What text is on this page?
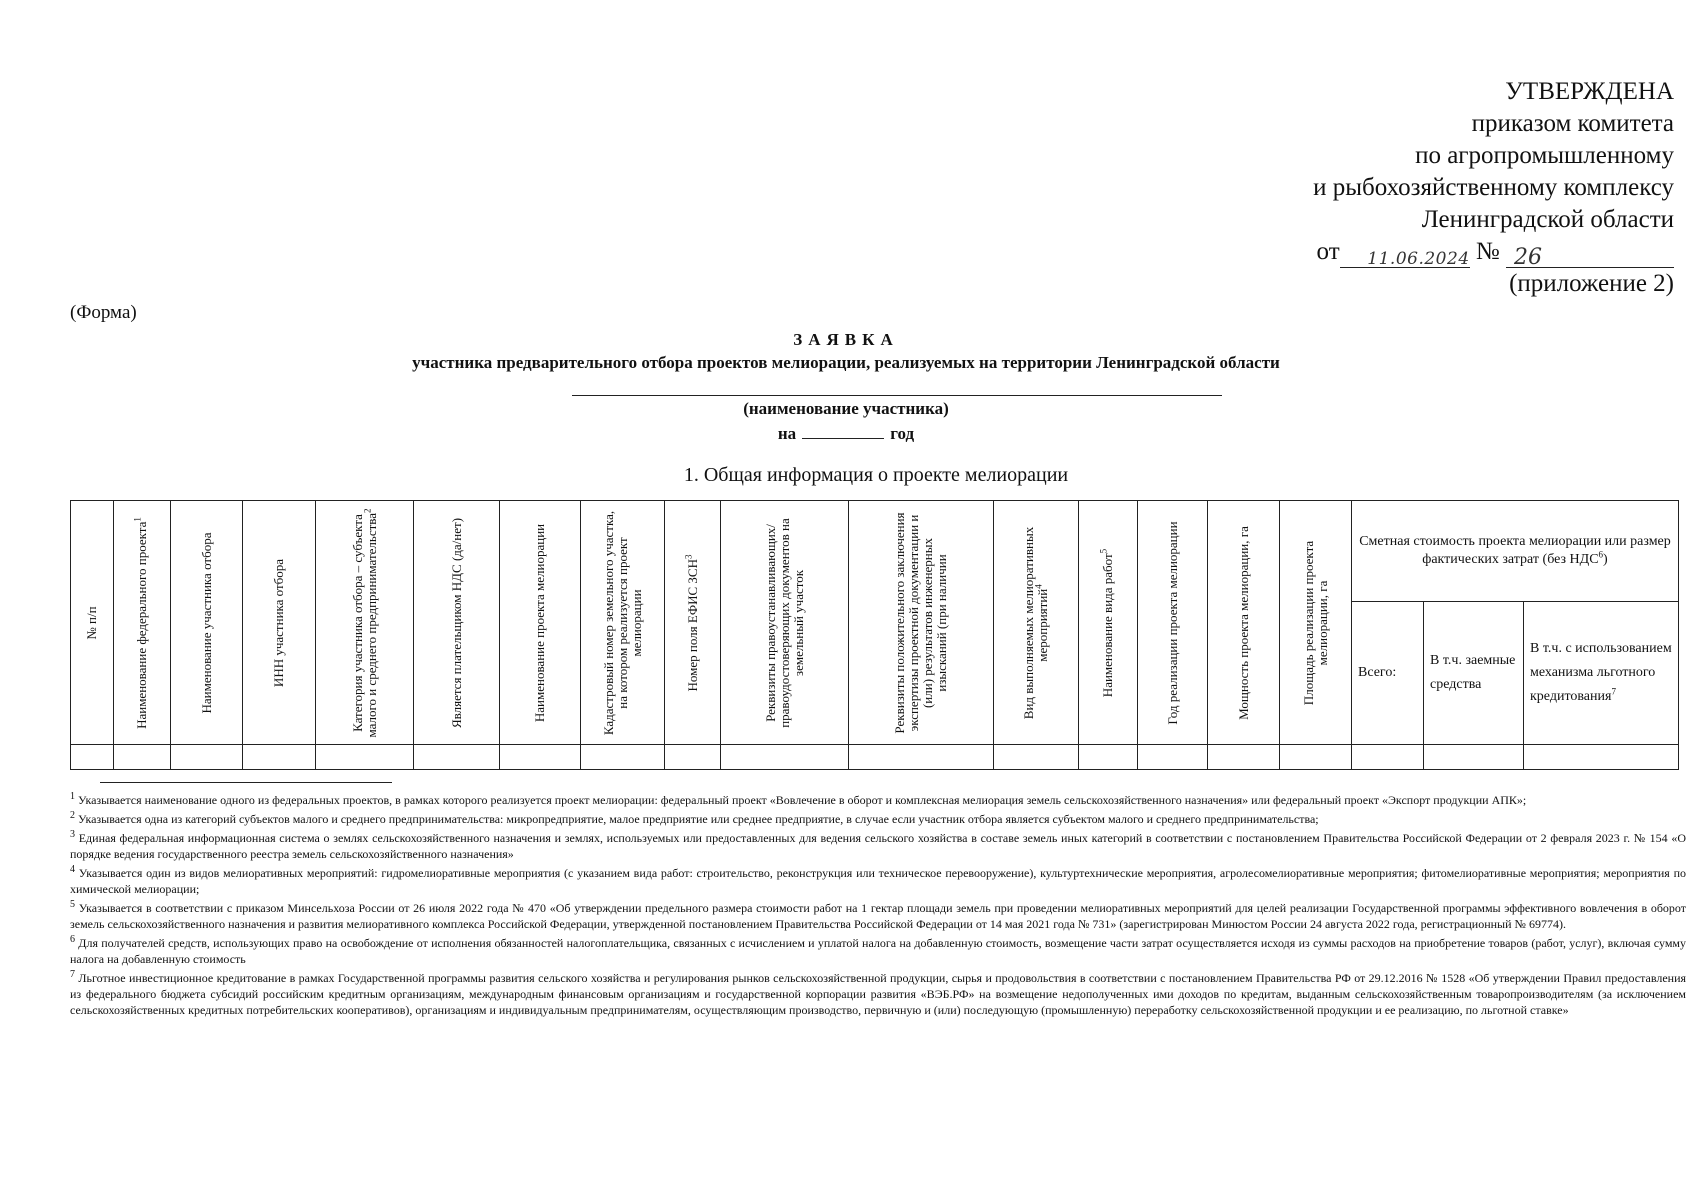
УТВЕРЖДЕНА
приказом комитета
по агропромышленному
и рыбохозяйственному комплексу
Ленинградской области
от 11.06.2024 № 26
(приложение 2)
(Форма)
ЗАЯВКА
участника предварительного отбора проектов мелиорации, реализуемых на территории Ленинградской области
(наименование участника)
на	год
1. Общая информация о проекте мелиорации
№ п/п	Наименование федерального проекта$^1$	Наименование участника отбора	ИНН участника отбора	Категория участника отбора – субъекта малого и среднего предпринимательства$^2$	Является плательщиком НДС (да/нет)	Наименование проекта мелиорации	Кадастровый номер земельного участка, на котором реализуется проект мелиорации	Номер поля ЕФИС ЗСН$^3$	Реквизиты правоустанавливающих/правоудостоверяющих документов на земельный участок	Реквизиты положительного заключения экспертизы проектной документации и (или) результатов инженерных изысканий (при наличии	Вид выполняемых мелиоративных мероприятий$^4$	Наименование вида работ$^5$	Год реализации проекта мелиорации	Мощность проекта мелиорации, га	Площадь реализации проекта мелиорации, га	Сметная стоимость проекта мелиорации или размер фактических затрат (без НДС$^6$)		
																Всего:	В т.ч. заемные средства	В т.ч. с использованием механизма льготного кредитования$^7$

$^1$ Указывается наименование одного из федеральных проектов, в рамках которого реализуется проект мелиорации: федеральный проект «Вовлечение в оборот и комплексная мелиорация земель сельскохозяйственного назначения» или федеральный проект «Экспорт продукции АПК»;
$^2$ Указывается одна из категорий субъектов малого и среднего предпринимательства: микропредприятие, малое предприятие или среднее предприятие, в случае если участник отбора является субъектом малого и среднего предпринимательства;
$^3$ Единая федеральная информационная система о землях сельскохозяйственного назначения и землях, используемых или предоставленных для ведения сельского хозяйства в составе земель иных категорий в соответствии с постановлением Правительства Российской Федерации от 2 февраля 2023 г. № 154 «О порядке ведения государственного реестра земель сельскохозяйственного назначения»
$^4$ Указывается один из видов мелиоративных мероприятий: гидромелиоративные мероприятия (с указанием вида работ: строительство, реконструкция или техническое перевооружение), культуртехнические мероприятия, агролесомелиоративные мероприятия; фитомелиоративные мероприятия; мероприятия по химической мелиорации;
$^5$ Указывается в соответствии с приказом Минсельхоза России от 26 июля 2022 года № 470 «Об утверждении предельного размера стоимости работ на 1 гектар площади земель при проведении мелиоративных мероприятий для целей реализации Государственной программы эффективного вовлечения в оборот земель сельскохозяйственного назначения и развития мелиоративного комплекса Российской Федерации, утвержденной постановлением Правительства Российской Федерации от 14 мая 2021 года № 731» (зарегистрирован Минюстом России 24 августа 2022 года, регистрационный № 69774).
$^6$ Для получателей средств, использующих право на освобождение от исполнения обязанностей налогоплательщика, связанных с исчислением и уплатой налога на добавленную стоимость, возмещение части затрат осуществляется исходя из суммы расходов на приобретение товаров (работ, услуг), включая сумму налога на добавленную стоимость
$^7$ Льготное инвестиционное кредитование в рамках Государственной программы развития сельского хозяйства и регулирования рынков сельскохозяйственной продукции, сырья и продовольствия в соответствии с постановлением Правительства РФ от 29.12.2016 № 1528 «Об утверждении Правил предоставления из федерального бюджета субсидий российским кредитным организациям, международным финансовым организациям и государственной корпорации развития «ВЭБ.РФ» на возмещение недополученных ими доходов по кредитам, выданным сельскохозяйственным товаропроизводителям (за исключением сельскохозяйственных кредитных потребительских кооперативов), организациям и индивидуальным предпринимателям, осуществляющим производство, первичную и (или) последующую (промышленную) переработку сельскохозяйственной продукции и ее реализацию, по льготной ставке»
